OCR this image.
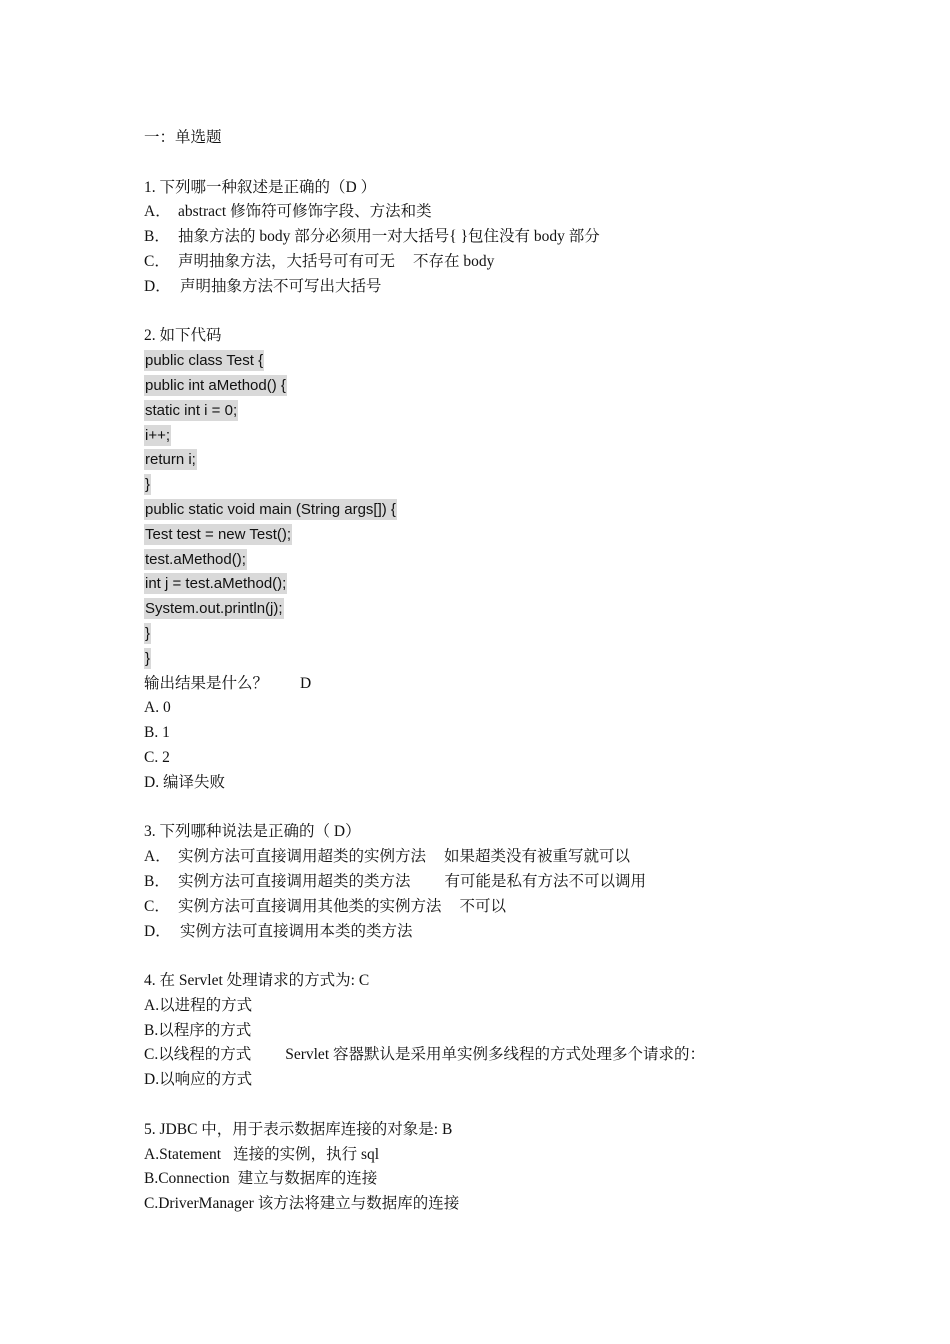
一：单选题
1. 下列哪一种叙述是正确的（D ）
A． abstract 修饰符可修饰字段、方法和类
B． 抽象方法的 body 部分必须用一对大括号{ }包住没有 body 部分
C． 声明抽象方法，大括号可有可无 不存在 body
D． 声明抽象方法不可写出大括号
2. 如下代码
public class Test {
public int aMethod() {
static int i = 0;
i++;
return i;
}
public static void main (String args[]) {
Test test = new Test();
test.aMethod();
int j = test.aMethod();
System.out.println(j);
}
}
输出结果是什么？ D
A. 0
B. 1
C. 2
D. 编译失败
3. 下列哪种说法是正确的（ D）
A． 实例方法可直接调用超类的实例方法 如果超类没有被重写就可以
B． 实例方法可直接调用超类的类方法 有可能是私有方法不可以调用
C． 实例方法可直接调用其他类的实例方法 不可以
D． 实例方法可直接调用本类的类方法
4. 在 Servlet 处理请求的方式为: C
A.以进程的方式
B.以程序的方式
C.以线程的方式 Servlet 容器默认是采用单实例多线程的方式处理多个请求的：
D.以响应的方式
5. JDBC 中，用于表示数据库连接的对象是: B
A.Statement 连接的实例，执行 sql
B.Connection 建立与数据库的连接
C.DriverManager 该方法将建立与数据库的连接
